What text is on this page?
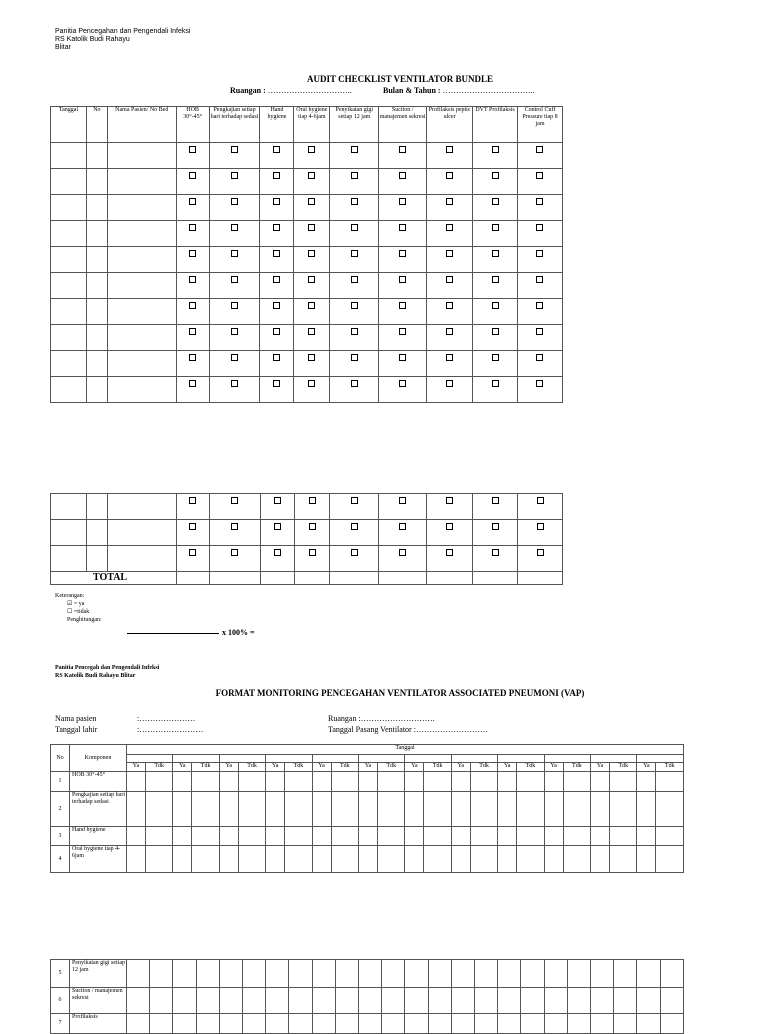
Panitia Pencegahan dan Pengendali Infeksi
RS Katolik Budi Rahayu
Blitar
AUDIT CHECKLIST VENTILATOR BUNDLE
Ruangan : …………………………..	Bulan & Tahun : ……………………………..
Tanggal	No	Nama Pasien/ No Bed	HOB 30°-45°	Pengkajian setiap hari terhadap sedasi	Hand hygiene	Oral hygiene tiap 4-6jam	Penyikatan gigi setiap 12 jam	Suction / manajemen sekresi	Profilaksis peptic ulcer	DVT Profilaksis	Control Cuff Pressure tiap 8 jam

TOTAL											
Keterangan:
☑ = ya
☐ =tidak
Penghitungan:
x 100% =
Panitia Pencegah dan Pengendali Infeksi
RS Katolik Budi Rahayu Blitar
FORMAT MONITORING PENCEGAHAN VENTILATOR ASSOCIATED PNEUMONI (VAP)
Nama pasien	:…………………
Tanggal lahir	:……………………
Ruangan :……………………….
Tanggal Pasang Ventilator :………………………
No	Komponen	Tanggal																							

		Ya	Tdk	Ya	Tdk	Ya	Tdk	Ya	Tdk	Ya	Tdk	Ya	Tdk	Ya	Tdk	Ya	Tdk	Ya	Tdk	Ya	Tdk	Ya	Tdk	Ya	Tdk
1	HOB 30°-45°																								
2	Pengkajian setiap hari terhadap sedasi																								
3	Hand hygiene																								
4	Oral hygiene tiap 4-6jam																								
5	Penyikatan gigi setiap 12 jam																								
6	Suction / manajemen sekresi																								
7	Profilaksis																								
